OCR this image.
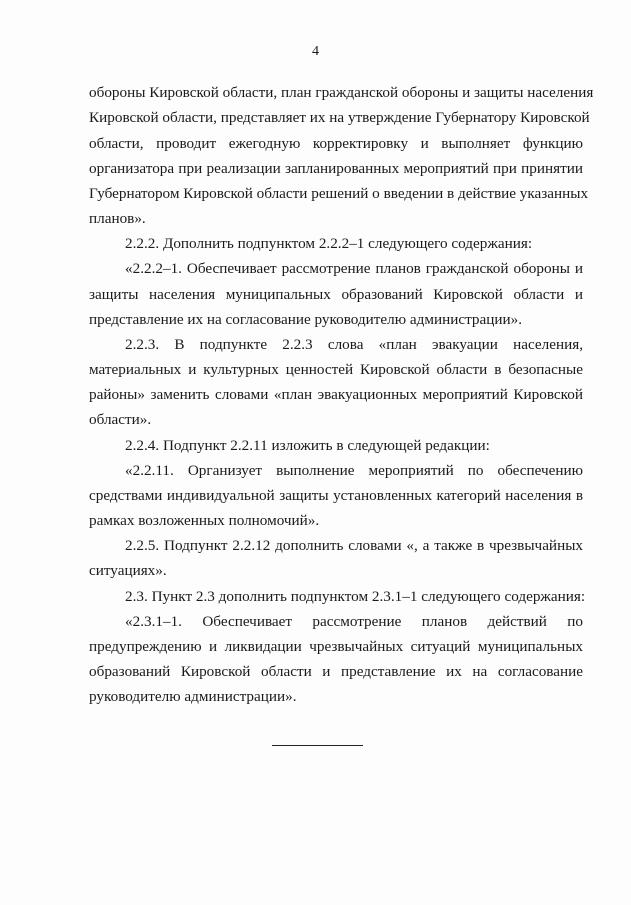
4
обороны Кировской области, план гражданской обороны и защиты населения
Кировской области, представляет их на утверждение Губернатору Кировской
области, проводит ежегодную корректировку и выполняет функцию
организатора при реализации запланированных мероприятий при принятии
Губернатором Кировской области решений о введении в действие указанных
планов».
2.2.2. Дополнить подпунктом 2.2.2–1 следующего содержания:
«2.2.2–1. Обеспечивает рассмотрение планов гражданской обороны и
защиты населения муниципальных образований Кировской области и
представление их на согласование руководителю администрации».
2.2.3. В подпункте 2.2.3 слова «план эвакуации населения,
материальных и культурных ценностей Кировской области в безопасные
районы» заменить словами «план эвакуационных мероприятий Кировской
области».
2.2.4. Подпункт 2.2.11 изложить в следующей редакции:
«2.2.11. Организует выполнение мероприятий по обеспечению
средствами индивидуальной защиты установленных категорий населения в
рамках возложенных полномочий».
2.2.5. Подпункт 2.2.12 дополнить словами «, а также в чрезвычайных
ситуациях».
2.3. Пункт 2.3 дополнить подпунктом 2.3.1–1 следующего содержания:
«2.3.1–1. Обеспечивает рассмотрение планов действий по
предупреждению и ликвидации чрезвычайных ситуаций муниципальных
образований Кировской области и представление их на согласование
руководителю администрации».
